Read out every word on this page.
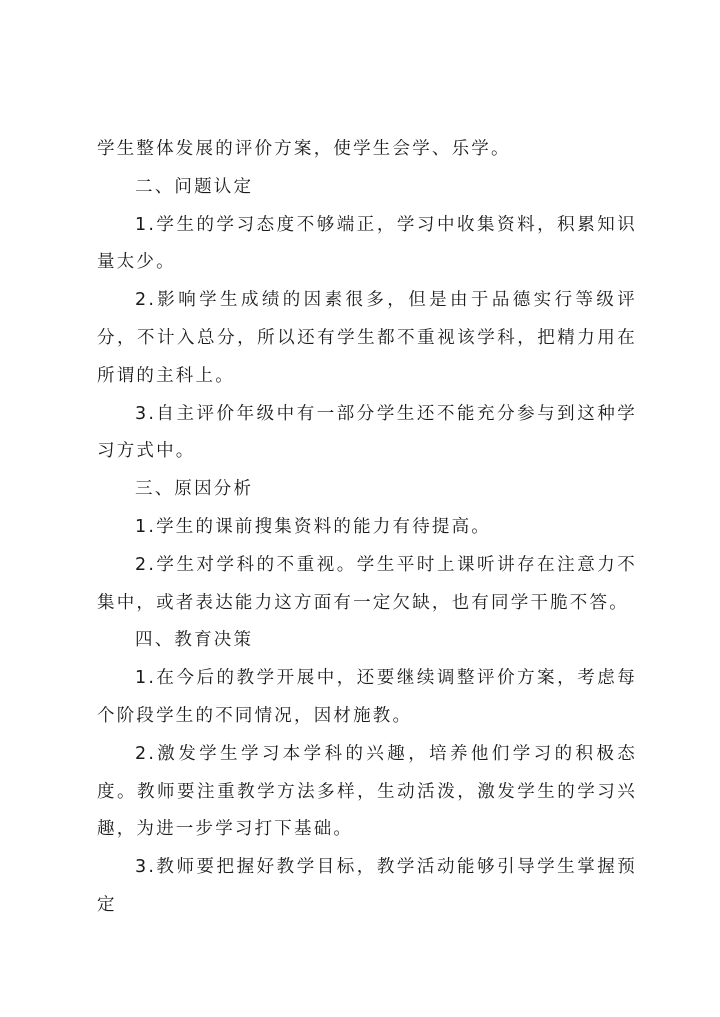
学生整体发展的评价方案，使学生会学、乐学。

二、问题认定

1.学生的学习态度不够端正，学习中收集资料，积累知识量太少。

2.影响学生成绩的因素很多，但是由于品德实行等级评分，不计入总分，所以还有学生都不重视该学科，把精力用在所谓的主科上。

3.自主评价年级中有一部分学生还不能充分参与到这种学习方式中。

三、原因分析

1.学生的课前搜集资料的能力有待提高。

2.学生对学科的不重视。学生平时上课听讲存在注意力不集中，或者表达能力这方面有一定欠缺，也有同学干脆不答。

四、教育决策

1.在今后的教学开展中，还要继续调整评价方案，考虑每个阶段学生的不同情况，因材施教。

2.激发学生学习本学科的兴趣，培养他们学习的积极态度。教师要注重教学方法多样，生动活泼，激发学生的学习兴趣，为进一步学习打下基础。

3.教师要把握好教学目标，教学活动能够引导学生掌握预定
